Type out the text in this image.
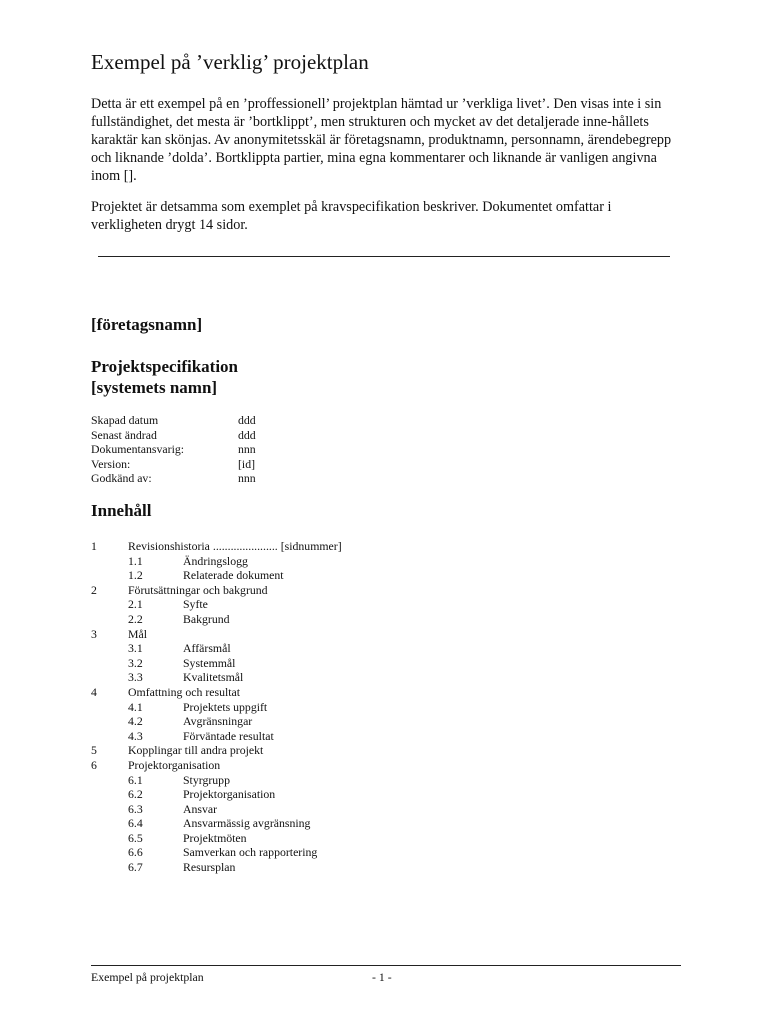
Exempel på ’verklig’ projektplan
Detta är ett exempel på en ’proffessionell’ projektplan hämtad ur ’verkliga livet’. Den visas inte i sin fullständighet, det mesta är ’bortklippt’, men strukturen och mycket av det detaljerade inne-hållets karaktär kan skönjas. Av anonymitetsskäl är företagsnamn, produktnamn, personnamn, ärendebegrepp och liknande ’dolda’. Bortklippta partier, mina egna kommentarer och liknande är vanligen angivna inom [].
Projektet är detsamma som exemplet på kravspecifikation beskriver. Dokumentet omfattar i verkligheten drygt 14 sidor.
[företagsnamn]
Projektspecifikation
[systemets namn]
Skapad datum	ddd
Senast ändrad	ddd
Dokumentansvarig:	nnn
Version:	[id]
Godkänd av:	nnn
Innehåll
1	Revisionshistoria ...................... [sidnummer]
1.1	Ändringslogg
1.2	Relaterade dokument
2	Förutsättningar och bakgrund
2.1	Syfte
2.2	Bakgrund
3	Mål
3.1	Affärsmål
3.2	Systemmål
3.3	Kvalitetsmål
4	Omfattning och resultat
4.1	Projektets uppgift
4.2	Avgränsningar
4.3	Förväntade resultat
5	Kopplingar till andra projekt
6	Projektorganisation
6.1	Styrgrupp
6.2	Projektorganisation
6.3	Ansvar
6.4	Ansvarmässig avgränsning
6.5	Projektmöten
6.6	Samverkan och rapportering
6.7	Resursplan
Exempel på projektplan	- 1 -
